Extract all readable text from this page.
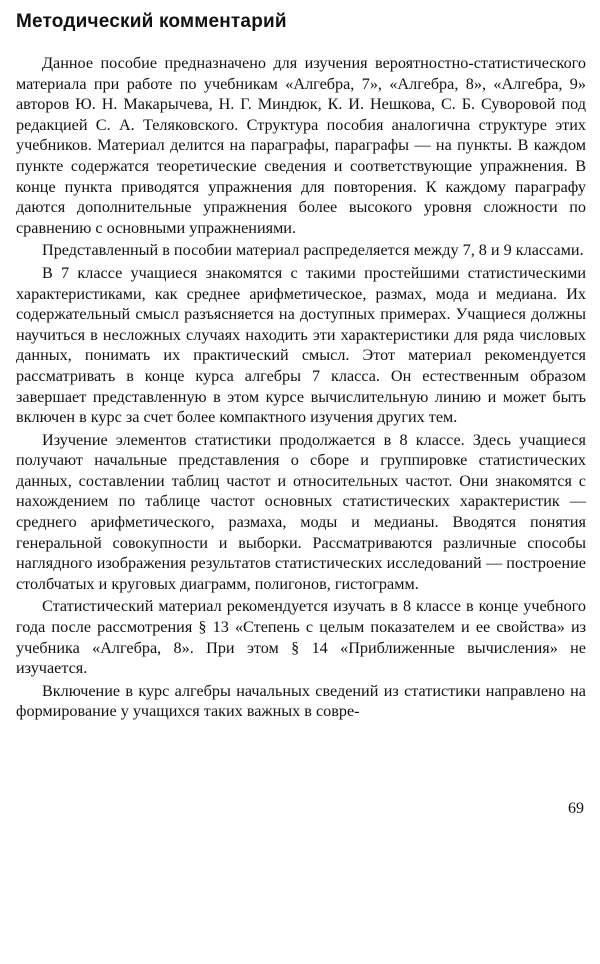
Методический комментарий

Данное пособие предназначено для изучения вероятностно-статистического материала при работе по учебникам «Алгебра, 7», «Алгебра, 8», «Алгебра, 9» авторов Ю. Н. Макарычева, Н. Г. Миндюк, К. И. Нешкова, С. Б. Суворовой под редакцией С. А. Теляковского. Структура пособия аналогична структуре этих учебников. Материал делится на параграфы, параграфы — на пункты. В каждом пункте содержатся теоретические сведения и соответствующие упражнения. В конце пункта приводятся упражнения для повторения. К каждому параграфу даются дополнительные упражнения более высокого уровня сложности по сравнению с основными упражнениями.

Представленный в пособии материал распределяется между 7, 8 и 9 классами.

В 7 классе учащиеся знакомятся с такими простейшими статистическими характеристиками, как среднее арифметическое, размах, мода и медиана. Их содержательный смысл разъясняется на доступных примерах. Учащиеся должны научиться в несложных случаях находить эти характеристики для ряда числовых данных, понимать их практический смысл. Этот материал рекомендуется рассматривать в конце курса алгебры 7 класса. Он естественным образом завершает представленную в этом курсе вычислительную линию и может быть включен в курс за счет более компактного изучения других тем.

Изучение элементов статистики продолжается в 8 классе. Здесь учащиеся получают начальные представления о сборе и группировке статистических данных, составлении таблиц частот и относительных частот. Они знакомятся с нахождением по таблице частот основных статистических характеристик — среднего арифметического, размаха, моды и медианы. Вводятся понятия генеральной совокупности и выборки. Рассматриваются различные способы наглядного изображения результатов статистических исследований — построение столбчатых и круговых диаграмм, полигонов, гистограмм.

Статистический материал рекомендуется изучать в 8 классе в конце учебного года после рассмотрения § 13 «Степень с целым показателем и ее свойства» из учебника «Алгебра, 8». При этом § 14 «Приближенные вычисления» не изучается.

Включение в курс алгебры начальных сведений из статистики направлено на формирование у учащихся таких важных в совре-

69
